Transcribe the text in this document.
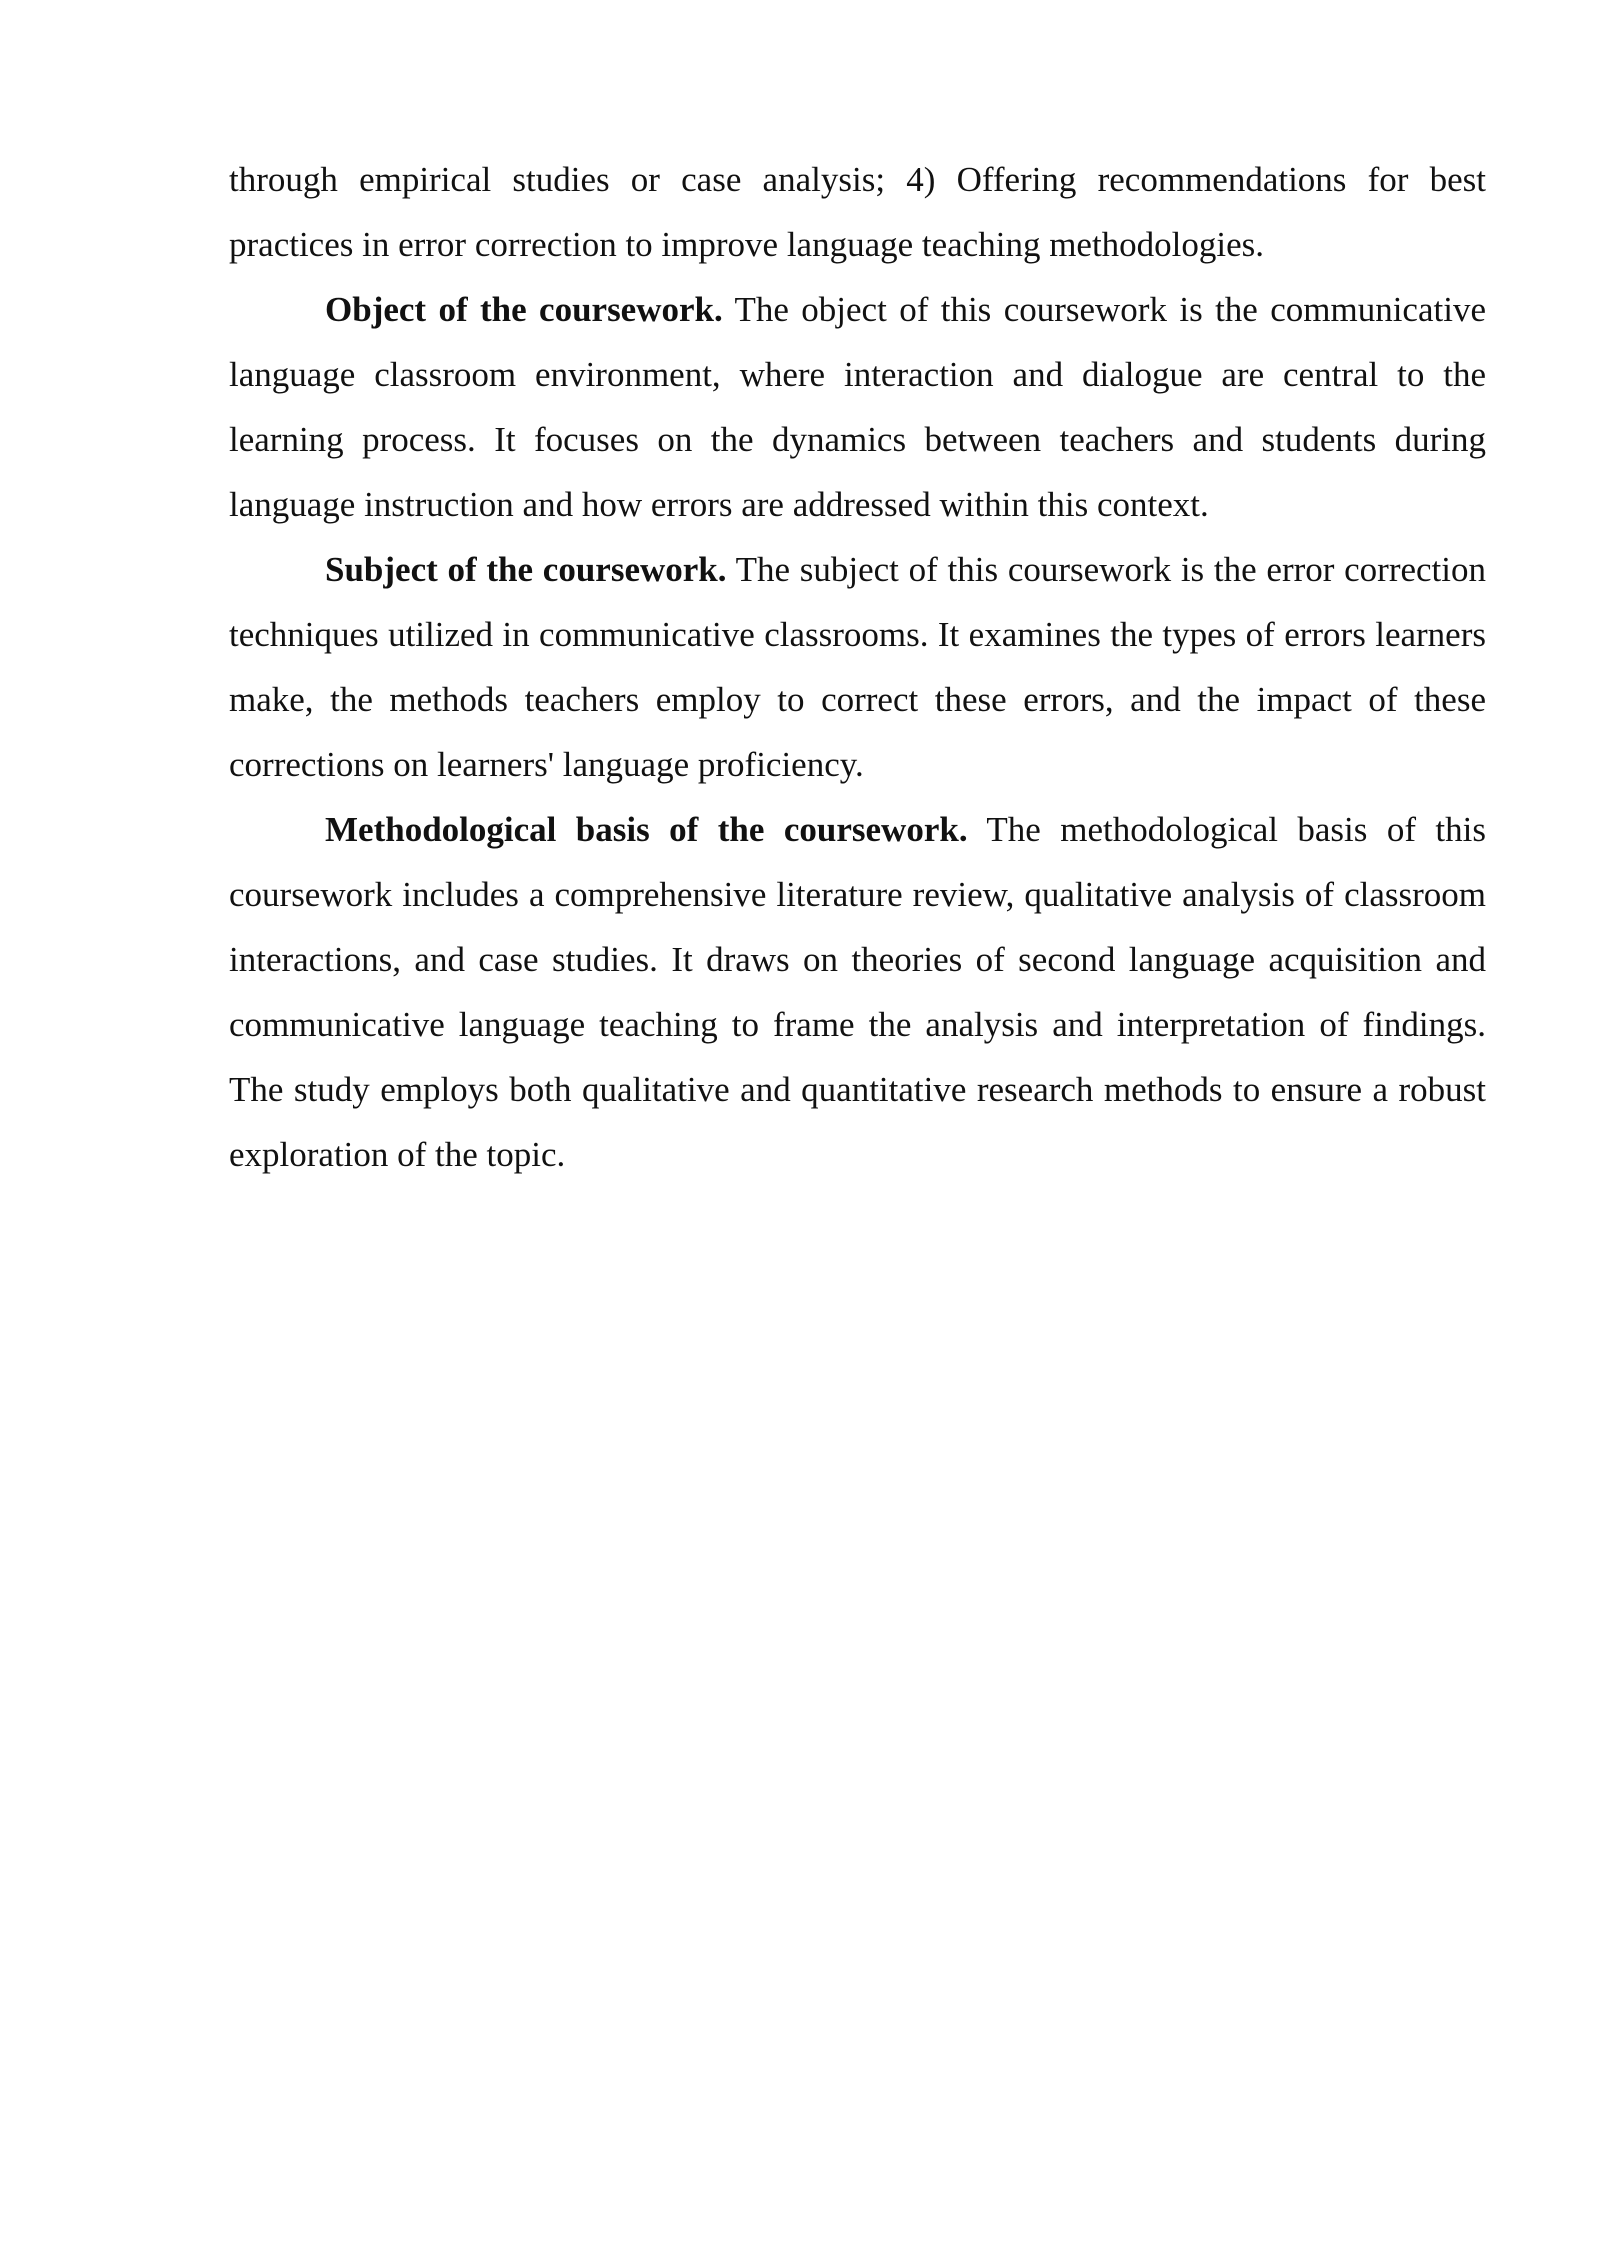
through empirical studies or case analysis; 4) Offering recommendations for best practices in error correction to improve language teaching methodologies.

Object of the coursework. The object of this coursework is the communicative language classroom environment, where interaction and dialogue are central to the learning process. It focuses on the dynamics between teachers and students during language instruction and how errors are addressed within this context.

Subject of the coursework. The subject of this coursework is the error correction techniques utilized in communicative classrooms. It examines the types of errors learners make, the methods teachers employ to correct these errors, and the impact of these corrections on learners' language proficiency.

Methodological basis of the coursework. The methodological basis of this coursework includes a comprehensive literature review, qualitative analysis of classroom interactions, and case studies. It draws on theories of second language acquisition and communicative language teaching to frame the analysis and interpretation of findings. The study employs both qualitative and quantitative research methods to ensure a robust exploration of the topic.
